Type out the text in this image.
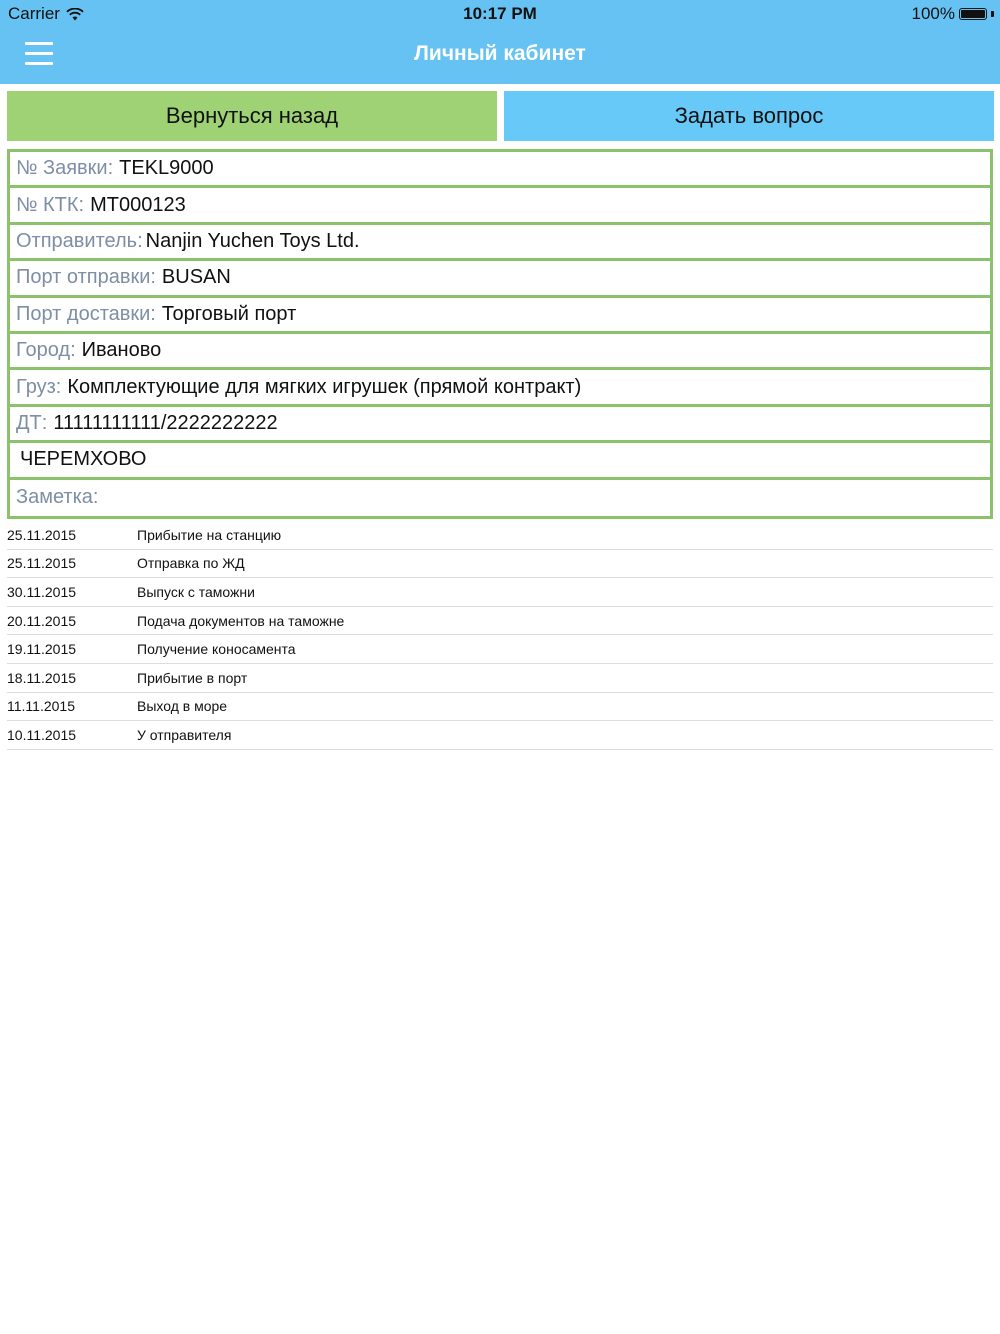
Carrier	10:17 PM	100%
Личный кабинет
Вернуться назад	Задать вопрос
№ Заявки: TEKL9000
№ КТК: MT000123
Отправитель: Nanjin Yuchen Toys Ltd.
Порт отправки: BUSAN
Порт доставки: Торговый порт
Город: Иваново
Груз: Комплектующие для мягких игрушек (прямой контракт)
ДТ: 11111111111/2222222222
ЧЕРЕМХОВО
Заметка:
25.11.2015	Прибытие на станцию
25.11.2015	Отправка по ЖД
30.11.2015	Выпуск с таможни
20.11.2015	Подача документов на таможне
19.11.2015	Получение коносамента
18.11.2015	Прибытие в порт
11.11.2015	Выход в море
10.11.2015	У отправителя
